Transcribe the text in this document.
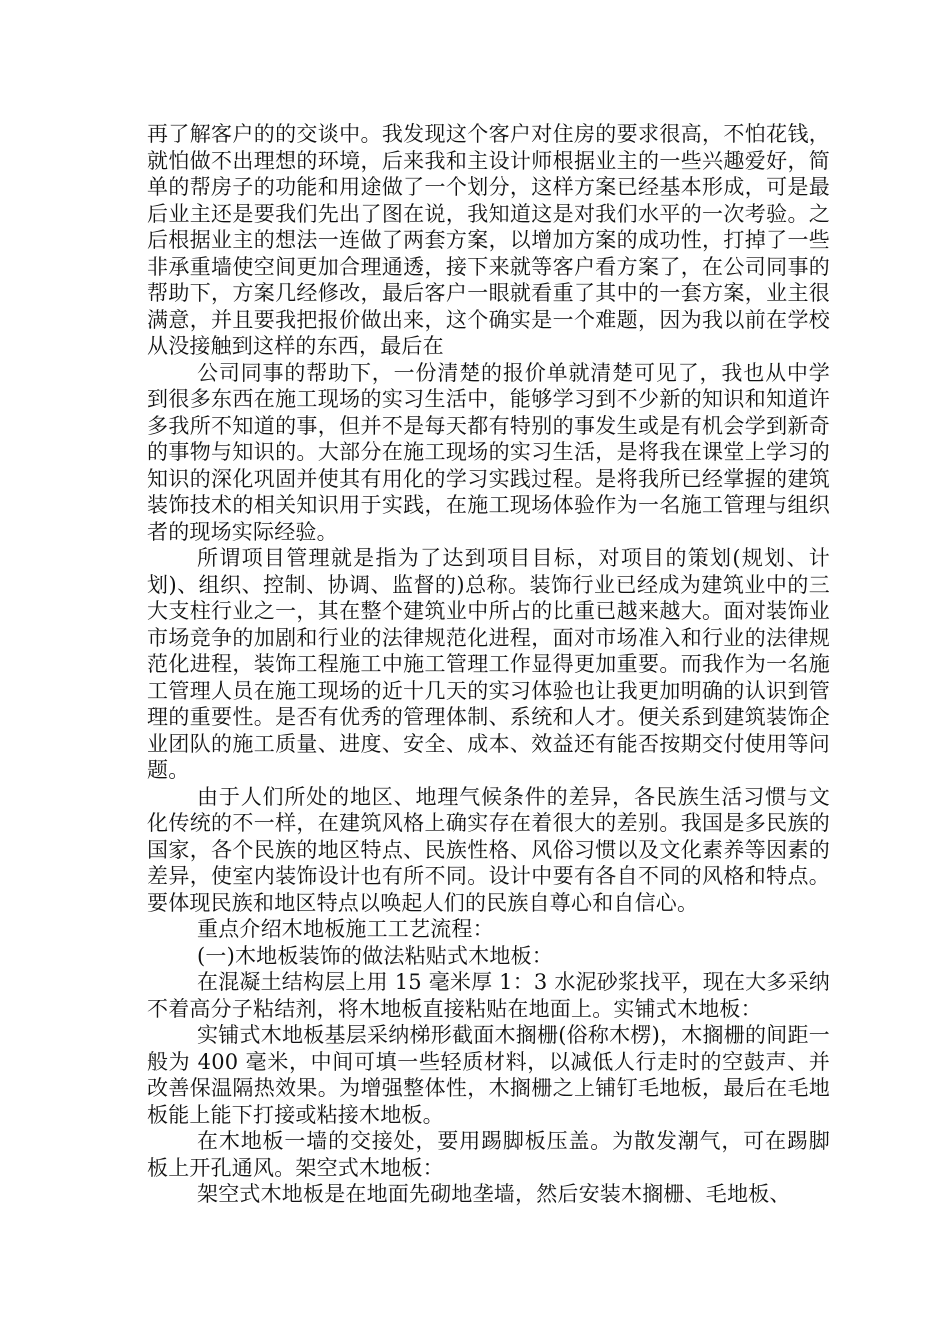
再了解客户的的交谈中。我发现这个客户对住房的要求很高，不怕花钱，就怕做不出理想的环境，后来我和主设计师根据业主的一些兴趣爱好，简单的帮房子的功能和用途做了一个划分，这样方案已经基本形成，可是最后业主还是要我们先出了图在说，我知道这是对我们水平的一次考验。之后根据业主的想法一连做了两套方案，以增加方案的成功性，打掉了一些非承重墙使空间更加合理通透，接下来就等客户看方案了，在公司同事的帮助下，方案几经修改，最后客户一眼就看重了其中的一套方案，业主很满意，并且要我把报价做出来，这个确实是一个难题，因为我以前在学校从没接触到这样的东西，最后在

公司同事的帮助下，一份清楚的报价单就清楚可见了，我也从中学到很多东西在施工现场的实习生活中，能够学习到不少新的知识和知道许多我所不知道的事，但并不是每天都有特别的事发生或是有机会学到新奇的事物与知识的。大部分在施工现场的实习生活，是将我在课堂上学习的知识的深化巩固并使其有用化的学习实践过程。是将我所已经掌握的建筑装饰技术的相关知识用于实践，在施工现场体验作为一名施工管理与组织者的现场实际经验。

所谓项目管理就是指为了达到项目目标，对项目的策划(规划、计划)、组织、控制、协调、监督的)总称。装饰行业已经成为建筑业中的三大支柱行业之一，其在整个建筑业中所占的比重已越来越大。面对装饰业市场竞争的加剧和行业的法律规范化进程，面对市场准入和行业的法律规范化进程，装饰工程施工中施工管理工作显得更加重要。而我作为一名施工管理人员在施工现场的近十几天的实习体验也让我更加明确的认识到管理的重要性。是否有优秀的管理体制、系统和人才。便关系到建筑装饰企业团队的施工质量、进度、安全、成本、效益还有能否按期交付使用等问题。

由于人们所处的地区、地理气候条件的差异，各民族生活习惯与文化传统的不一样，在建筑风格上确实存在着很大的差别。我国是多民族的国家，各个民族的地区特点、民族性格、风俗习惯以及文化素养等因素的差异，使室内装饰设计也有所不同。设计中要有各自不同的风格和特点。要体现民族和地区特点以唤起人们的民族自尊心和自信心。

重点介绍木地板施工工艺流程：

(一)木地板装饰的做法粘贴式木地板：

在混凝土结构层上用 15 毫米厚 1：3 水泥砂浆找平，现在大多采纳不着高分子粘结剂，将木地板直接粘贴在地面上。实铺式木地板：

实铺式木地板基层采纳梯形截面木搁栅(俗称木楞)，木搁栅的间距一般为 400 毫米，中间可填一些轻质材料，以减低人行走时的空鼓声、并改善保温隔热效果。为增强整体性，木搁栅之上铺钉毛地板，最后在毛地板能上能下打接或粘接木地板。

在木地板一墙的交接处，要用踢脚板压盖。为散发潮气，可在踢脚板上开孔通风。架空式木地板：

架空式木地板是在地面先砌地垄墙，然后安装木搁栅、毛地板、
